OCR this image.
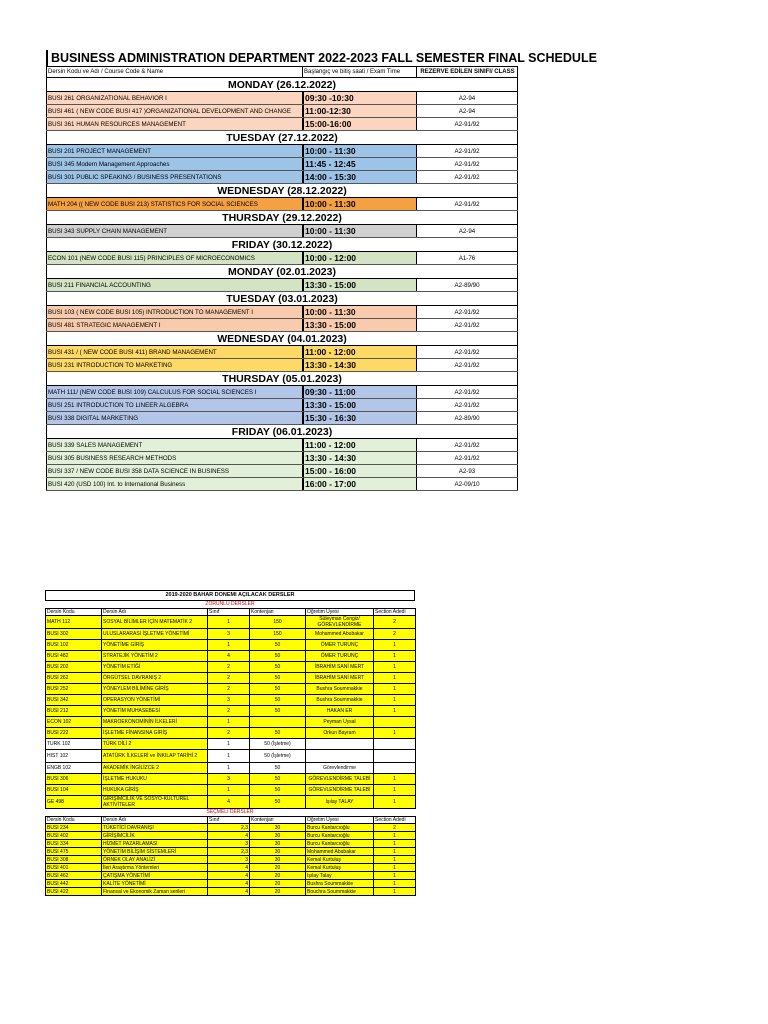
BUSINESS ADMINISTRATION DEPARTMENT 2022-2023 FALL SEMESTER FINAL SCHEDULE
Dersin Kodu ve Adı / Course Code & Name	Başlangıç ve bitiş saati / Exam Time	REZERVE EDİLEN SINIFI/ CLASS
MONDAY (26.12.2022)
BUSI 261 ORGANIZATIONAL BEHAVIOR I	09:30 -10:30	A2-94
BUSI 461 ( NEW CODE BUSI 417 )ORGANIZATIONAL DEVELOPMENT AND CHANGE	11:00-12:30	A2-94
BUSI 361 HUMAN RESOURCES MANAGEMENT	15:00-16:00	A2-91/92
TUESDAY (27.12.2022)
BUSI 201 PROJECT MANAGEMENT	10:00 - 11:30	A2-91/92
BUSI 345 Modern Management Approaches	11:45 - 12:45	A2-91/92
BUSI 301 PUBLIC SPEAKING / BUSINESS PRESENTATIONS	14:00 - 15:30	A2-91/92
WEDNESDAY (28.12.2022)
MATH 204 (( NEW CODE BUSI 213) STATISTICS FOR SOCIAL SCIENCES	10:00 - 11:30	A2-91/92
THURSDAY (29.12.2022)
BUSI 343 SUPPLY CHAIN MANAGEMENT	10:00 - 11:30	A2-94
FRIDAY (30.12.2022)
ECON 101 (NEW CODE BUSI 115) PRINCIPLES OF MICROECONOMICS	10:00 - 12:00	A1-76
MONDAY (02.01.2023)
BUSI 211 FINANCIAL ACCOUNTING	13:30 - 15:00	A2-89/90
TUESDAY (03.01.2023)
BUSI 103 ( NEW CODE BUSI 105) INTRODUCTION TO MANAGEMENT I	10:00 - 11:30	A2-91/92
BUSI 481 STRATEGIC MANAGEMENT I	13:30 - 15:00	A2-91/92
WEDNESDAY (04.01.2023)
BUSI 431 / ( NEW CODE BUSI 411) BRAND MANAGEMENT	11:00 - 12:00	A2-91/92
BUSI 231 INTRODUCTION TO MARKETING	13:30 - 14:30	A2-91/92
THURSDAY (05.01.2023)
MATH 111/ (NEW CODE BUSI 109) CALCULUS FOR SOCIAL SCIENCES I	09:30 - 11:00	A2-91/92
BUSI 251 INTRODUCTION TO LINEER ALGEBRA	13:30 - 15:00	A2-91/92
BUSI 338 DIGITAL MARKETING	15:30 - 16:30	A2-89/90
FRIDAY (06.01.2023)
BUSI 339 SALES MANAGEMENT	11:00 - 12:00	A2-91/92
BUSI 305 BUSINESS RESEARCH METHODS	13:30 - 14:30	A2-91/92
BUSI 337 / NEW CODE BUSI 358 DATA SCIENCE IN BUSINESS	15:00 - 16:00	A2-93
BUSI 420 (USD 100) Int. to International Business	16:00 - 17:00	A2-09/10
2019-2020 BAHAR DONEMI AÇILACAK DERSLER
ZORUNLU DERSLER
Dersin Kodu	Dersin Adı	Sınıf	Kontenjan	Öğretim Üyesi	Section Adedi
MATH 112	SOSYAL BİLİMLER İÇİN MATEMATİK 2	1	150	Süleyman Cengiz/ GÖREVLENDİRME	2
BUSI 302	ULUSLARARASI İŞLETME YÖNETİMİ	3	150	Mohammed Abubakar	2
BUSI 102	YÖNETİME GİRİŞ	1	50	ÖMER TURUNÇ	1
BUSI 482	STRATEJİK YÖNETİM 2	4	50	ÖMER TURUNÇ	1
BUSI 202	YÖNETİM ETİĞİ	2	50	İBRAHİM SANİ MERT	1
BUSI 262	ÖRGÜTSEL DAVRANIŞ 2	2	50	İBRAHİM SANİ MERT	1
BUSI 252	YÖNEYLEM BİLİMİNE GİRİŞ	2	50	Bushra Soummakkie	1
BUSI 342	OPERASYON YÖNETİMİ	3	50	Bushra Soummakkie	1
BUSI 212	YÖNETİM MUHASEBESİ	2	50	HAKAN ER	1
ECON 102	MAKROEKONOMİNİN İLKELERİ	1		Peyman Uysal	
BUSI 222	İŞLETME FİNANSINA GİRİŞ	2	50	Orkun Bayram	1
TURK 102	TÜRK DİLİ 2	1	50 (İşletme)		
HIST 102	ATATÜRK İLKELERİ ve İNKILAP TARİHİ 2	1	50 (İşletme)		
ENGB 102	AKADEMİK İNGİLİZCE 2	1	50	Görevlendirme	
BUSI 306	İŞLETME HUKUKU	3	50	GÖREVLENDİRME TALEBİ	1
BUSI 104	HUKUKA GİRİŞ	1	50	GÖREVLENDİRME TALEBİ	1
GE 498	GİRİŞİMCİLİK VE SOSYO-KÜLTÜREL AKTİVİTELER	4	50	Işılay TALAY	1
SEÇMELİ DERSLER
Dersin Kodu	Dersin Adı	Sınıf	Kontenjan	Öğretim Üyesi	Section Adedi
BUSI 234	TÜKETİCİ DAVRANIŞI	2,3	30	Burcu Kantarcıoğlu	2
BUSI 402	GİRİŞİMCİLİK	4	30	Burcu Kantarcıoğlu	1
BUSI 334	HİZMET PAZARLAMASI	3	30	Burcu Kantarcıoğlu	1
BUSI 475	YÖNETİM BİLİŞİM SİSTEMLERİ	2,3	30	Mohammed Abubakar	1
BUSI 308	ÖRNEK OLAY ANALİZİ	3	30	Kemal Kurtuluş	1
BUSI 401	İleri Araştırma Yöntemleri	4	20	Kemal Kurtuluş	1
BUSI 462	ÇATIŞMA YÖNETİMİ	4	20	Işılay Talay	1
BUSI 442	KALİTE YÖNETİMİ	4	20	Bushra Soummakkie	1
BUSI 422	Finansal ve Ekonomik Zaman serileri	4	20	Bouchra Soummakkie	1
